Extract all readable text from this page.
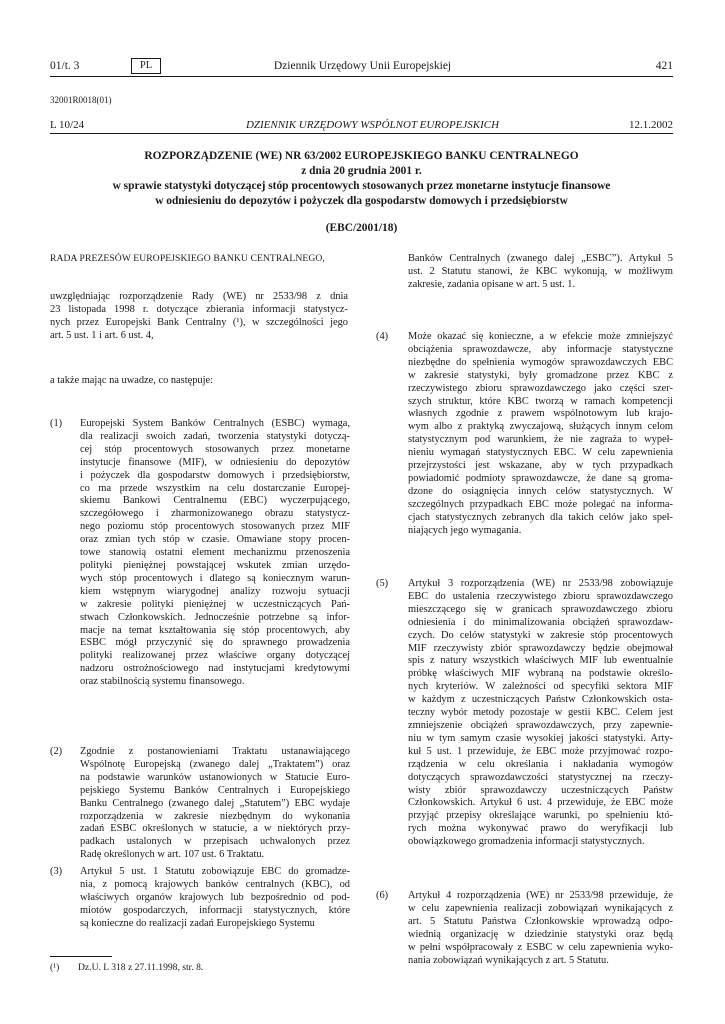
01/t. 3	PL	Dziennik Urzędowy Unii Europejskiej	421
32001R0018(01)
L 10/24	DZIENNIK URZĘDOWY WSPÓLNOT EUROPEJSKICH	12.1.2002
ROZPORZĄDZENIE (WE) NR 63/2002 EUROPEJSKIEGO BANKU CENTRALNEGO
z dnia 20 grudnia 2001 r.
w sprawie statystyki dotyczącej stóp procentowych stosowanych przez monetarne instytucje finansowe
w odniesieniu do depozytów i pożyczek dla gospodarstw domowych i przedsiębiorstw
(EBC/2001/18)
RADA PREZESÓW EUROPEJSKIEGO BANKU CENTRALNEGO,
uwzględniając rozporządzenie Rady (WE) nr 2533/98 z dnia
23 listopada 1998 r. dotyczące zbierania informacji statystycz-
nych przez Europejski Bank Centralny (¹), w szczególności jego
art. 5 ust. 1 i art. 6 ust. 4,
a także mając na uwadze, co następuje:
(1) Europejski System Banków Centralnych (ESBC) wymaga,
dla realizacji swoich zadań, tworzenia statystyki dotyczą-
cej stóp procentowych stosowanych przez monetarne
instytucje finansowe (MIF), w odniesieniu do depozytów
i pożyczek dla gospodarstw domowych i przedsiębiorstw,
co ma przede wszystkim na celu dostarczanie Europej-
skiemu Bankowi Centralnemu (EBC) wyczerpującego,
szczegółowego i zharmonizowanego obrazu statystycz-
nego poziomu stóp procentowych stosowanych przez MIF
oraz zmian tych stóp w czasie. Omawiane stopy procen-
towe stanowią ostatni element mechanizmu przenoszenia
polityki pieniężnej powstającej wskutek zmian urzędo-
wych stóp procentowych i dlatego są koniecznym warun-
kiem wstępnym wiarygodnej analizy rozwoju sytuacji
w zakresie polityki pieniężnej w uczestniczących Pań-
stwach Członkowskich. Jednocześnie potrzebne są infor-
macje na temat kształtowania się stóp procentowych, aby
ESBC mógł przyczynić się do sprawnego prowadzenia
polityki realizowanej przez właściwe organy dotyczącej
nadzoru ostrożnościowego nad instytucjami kredytowymi
oraz stabilnością systemu finansowego.
(2) Zgodnie z postanowieniami Traktatu ustanawiającego
Wspólnotę Europejską (zwanego dalej „Traktatem”) oraz
na podstawie warunków ustanowionych w Statucie Euro-
pejskiego Systemu Banków Centralnych i Europejskiego
Banku Centralnego (zwanego dalej „Statutem”) EBC wydaje
rozporządzenia w zakresie niezbędnym do wykonania
zadań ESBC określonych w statucie, a w niektórych przy-
padkach ustalonych w przepisach uchwalonych przez
Radę określonych w art. 107 ust. 6 Traktatu.
(3) Artykuł 5 ust. 1 Statutu zobowiązuje EBC do gromadze-
nia, z pomocą krajowych banków centralnych (KBC), od
właściwych organów krajowych lub bezpośrednio od pod-
miotów gospodarczych, informacji statystycznych, które
są konieczne do realizacji zadań Europejskiego Systemu
Banków Centralnych (zwanego dalej „ESBC”). Artykuł 5
ust. 2 Statutu stanowi, że KBC wykonują, w możliwym
zakresie, zadania opisane w art. 5 ust. 1.
(4) Może okazać się konieczne, a w efekcie może zmniejszyć
obciążenia sprawozdawcze, aby informacje statystyczne
niezbędne do spełnienia wymogów sprawozdawczych EBC
w zakresie statystyki, były gromadzone przez KBC z
rzeczywistego zbioru sprawozdawczego jako części szer-
szych struktur, które KBC tworzą w ramach kompetencji
własnych zgodnie z prawem wspólnotowym lub krajo-
wym albo z praktyką zwyczajową, służących innym celom
statystycznym pod warunkiem, że nie zagraża to wypeł-
nieniu wymagań statystycznych EBC. W celu zapewnienia
przejrzystości jest wskazane, aby w tych przypadkach
powiadomić podmioty sprawozdawcze, że dane są groma-
dzone do osiągnięcia innych celów statystycznych. W
szczególnych przypadkach EBC może polegać na informa-
cjach statystycznych zebranych dla takich celów jako speł-
niających jego wymagania.
(5) Artykuł 3 rozporządzenia (WE) nr 2533/98 zobowiązuje
EBC do ustalenia rzeczywistego zbioru sprawozdawczego
mieszczącego się w granicach sprawozdawczego zbioru
odniesienia i do minimalizowania obciążeń sprawozdaw-
czych. Do celów statystyki w zakresie stóp procentowych
MIF rzeczywisty zbiór sprawozdawczy będzie obejmował
spis z natury wszystkich właściwych MIF lub ewentualnie
próbkę właściwych MIF wybraną na podstawie określo-
nych kryteriów. W zależności od specyfiki sektora MIF
w każdym z uczestniczących Państw Członkowskich osta-
teczny wybór metody pozostaje w gestii KBC. Celem jest
zmniejszenie obciążeń sprawozdawczych, przy zapewnie-
niu w tym samym czasie wysokiej jakości statystyki. Arty-
kuł 5 ust. 1 przewiduje, że EBC może przyjmować rozpo-
rządzenia w celu określania i nakładania wymogów
dotyczących sprawozdawczości statystycznej na rzeczy-
wisty zbiór sprawozdawczy uczestniczących Państw
Członkowskich. Artykuł 6 ust. 4 przewiduje, że EBC może
przyjąć przepisy określające warunki, po spełnieniu któ-
rych można wykonywać prawo do weryfikacji lub
obowiązkowego gromadzenia informacji statystycznych.
(6) Artykuł 4 rozporządzenia (WE) nr 2533/98 przewiduje, że
w celu zapewnienia realizacji zobowiązań wynikających z
art. 5 Statutu Państwa Członkowskie wprowadzą odpo-
wiednią organizację w dziedzinie statystyki oraz będą
w pełni współpracowały z ESBC w celu zapewnienia wyko-
nania zobowiązań wynikających z art. 5 Statutu.
(¹) Dz.U. L 318 z 27.11.1998, str. 8.
